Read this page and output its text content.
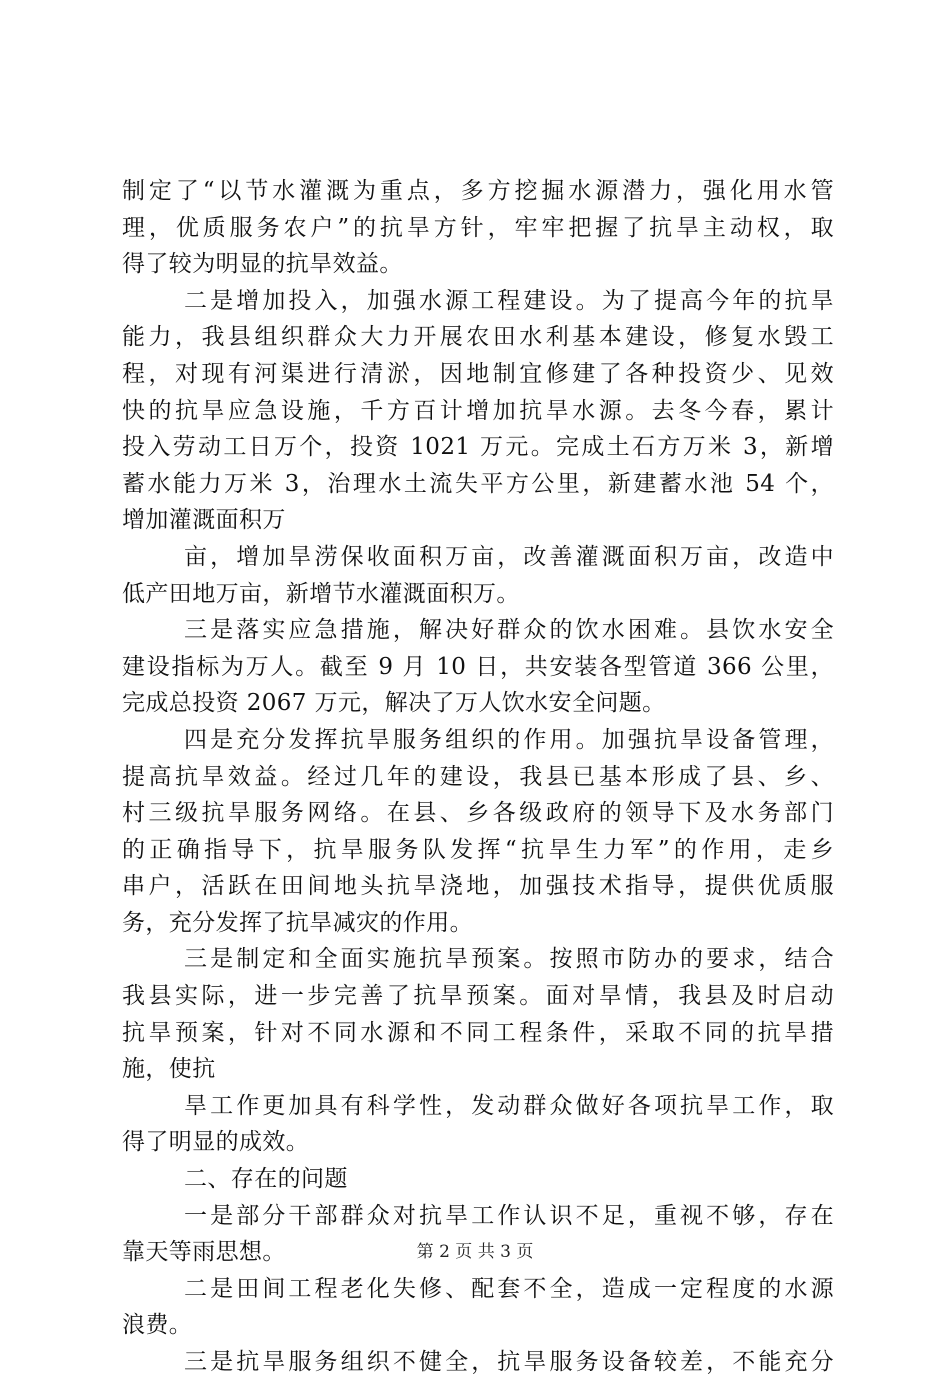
制定了“以节水灌溉为重点，多方挖掘水源潜力，强化用水管
理，优质服务农户”的抗旱方针，牢牢把握了抗旱主动权，取
得了较为明显的抗旱效益。
二是增加投入，加强水源工程建设。为了提高今年的抗旱
能力，我县组织群众大力开展农田水利基本建设，修复水毁工
程，对现有河渠进行清淤，因地制宜修建了各种投资少、见效
快的抗旱应急设施，千方百计增加抗旱水源。去冬今春，累计
投入劳动工日万个，投资 1021 万元。完成土石方万米 3，新增
蓄水能力万米 3，治理水土流失平方公里，新建蓄水池 54 个，
增加灌溉面积万
亩，增加旱涝保收面积万亩，改善灌溉面积万亩，改造中
低产田地万亩，新增节水灌溉面积万。
三是落实应急措施，解决好群众的饮水困难。县饮水安全
建设指标为万人。截至 9 月 10 日，共安装各型管道 366 公里，
完成总投资 2067 万元，解决了万人饮水安全问题。
四是充分发挥抗旱服务组织的作用。加强抗旱设备管理，
提高抗旱效益。经过几年的建设，我县已基本形成了县、乡、
村三级抗旱服务网络。在县、乡各级政府的领导下及水务部门
的正确指导下，抗旱服务队发挥“抗旱生力军”的作用，走乡
串户，活跃在田间地头抗旱浇地，加强技术指导，提供优质服
务，充分发挥了抗旱减灾的作用。
三是制定和全面实施抗旱预案。按照市防办的要求，结合
我县实际，进一步完善了抗旱预案。面对旱情，我县及时启动
抗旱预案，针对不同水源和不同工程条件，采取不同的抗旱措
施，使抗
旱工作更加具有科学性，发动群众做好各项抗旱工作，取
得了明显的成效。
二、存在的问题
一是部分干部群众对抗旱工作认识不足，重视不够，存在
靠天等雨思想。
二是田间工程老化失修、配套不全，造成一定程度的水源
浪费。
三是抗旱服务组织不健全，抗旱服务设备较差，不能充分
第 2 页 共 3 页
